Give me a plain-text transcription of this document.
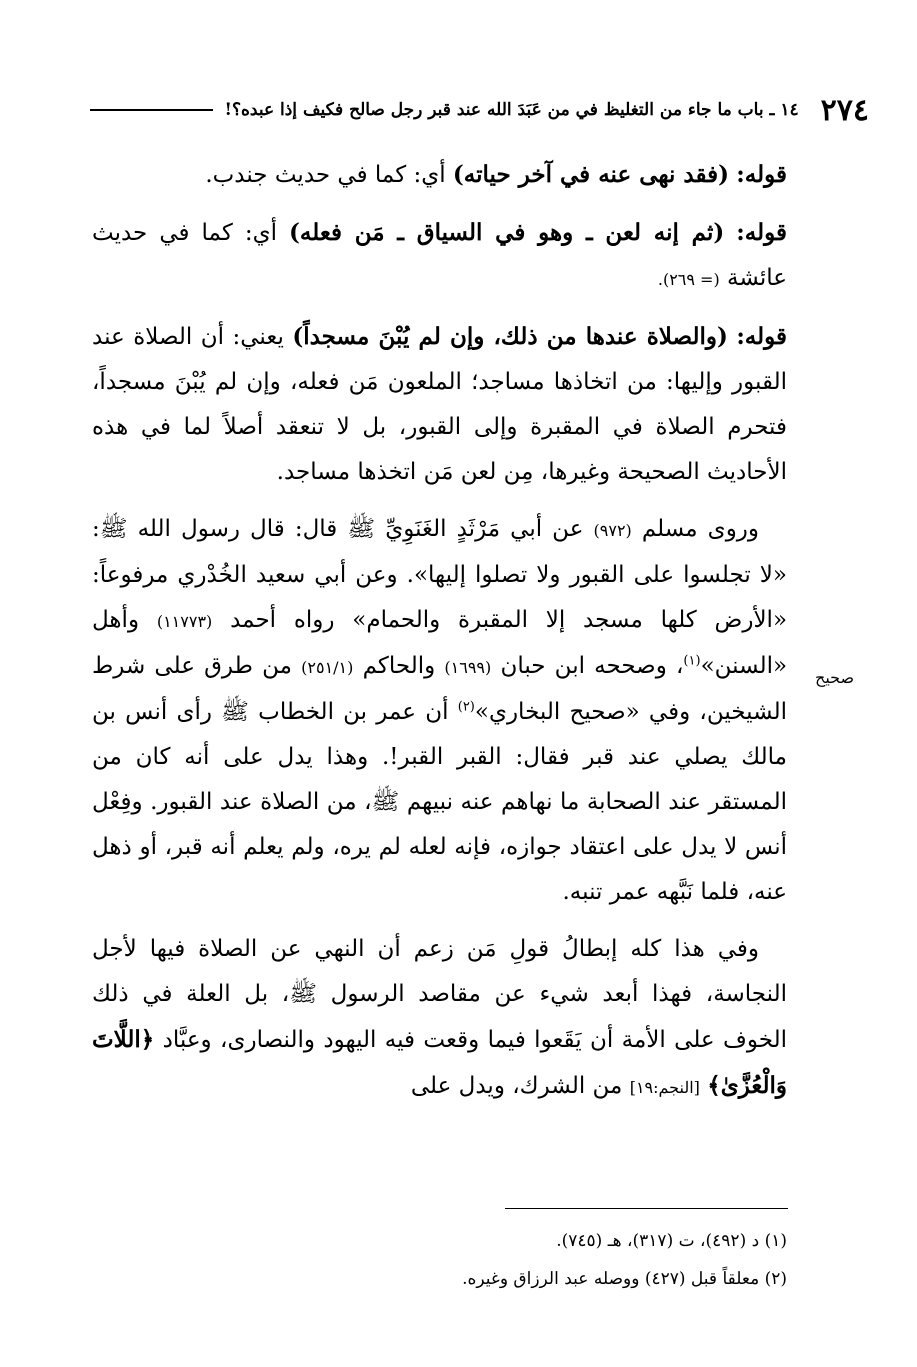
٢٧٤
١٤ ـ باب ما جاء من التغليظ في من عَبَدَ الله عند قبر رجل صالح فكيف إذا عبده؟!
صحيح

قوله: (فقد نهى عنه في آخر حياته) أي: كما في حديث جندب.

قوله: (ثم إنه لعن ـ وهو في السياق ـ مَن فعله) أي: كما في حديث عائشة (= ٢٦٩).

قوله: (والصلاة عندها من ذلك، وإن لم يُبْنَ مسجداً) يعني: أن الصلاة عند القبور وإليها: من اتخاذها مساجد؛ الملعون مَن فعله، وإن لم يُبْنَ مسجداً، فتحرم الصلاة في المقبرة وإلى القبور، بل لا تنعقد أصلاً لما في هذه الأحاديث الصحيحة وغيرها، مِن لعن مَن اتخذها مساجد.

وروى مسلم (٩٧٢) عن أبي مَرْثَدٍ الغَنَوِيِّ ﷺ قال: قال رسول الله ﷺ: «لا تجلسوا على القبور ولا تصلوا إليها». وعن أبي سعيد الخُدْري مرفوعاً: «الأرض كلها مسجد إلا المقبرة والحمام» رواه أحمد (١١٧٧٣) وأهل «السنن»$^{(١)}$، وصححه ابن حبان (١٦٩٩) والحاكم (٢٥١/١) من طرق على شرط الشيخين، وفي «صحيح البخاري»$^{(٢)}$ أن عمر بن الخطاب ﷺ رأى أنس بن مالك يصلي عند قبر فقال: القبر القبر!. وهذا يدل على أنه كان من المستقر عند الصحابة ما نهاهم عنه نبيهم ﷺ، من الصلاة عند القبور. وفِعْل أنس لا يدل على اعتقاد جوازه، فإنه لعله لم يره، ولم يعلم أنه قبر، أو ذهل عنه، فلما نَبَّهه عمر تنبه.

وفي هذا كله إبطالُ قولِ مَن زعم أن النهي عن الصلاة فيها لأجل النجاسة، فهذا أبعد شيء عن مقاصد الرسول ﷺ، بل العلة في ذلك الخوف على الأمة أن يَقَعوا فيما وقعت فيه اليهود والنصارى، وعبَّاد ﴿اللَّاتَ وَالْعُزَّىٰ﴾ [النجم:١٩] من الشرك، ويدل على

(١) د (٤٩٢)، ت (٣١٧)، هـ (٧٤٥).

(٢) معلقاً قبل (٤٢٧) ووصله عبد الرزاق وغيره.
